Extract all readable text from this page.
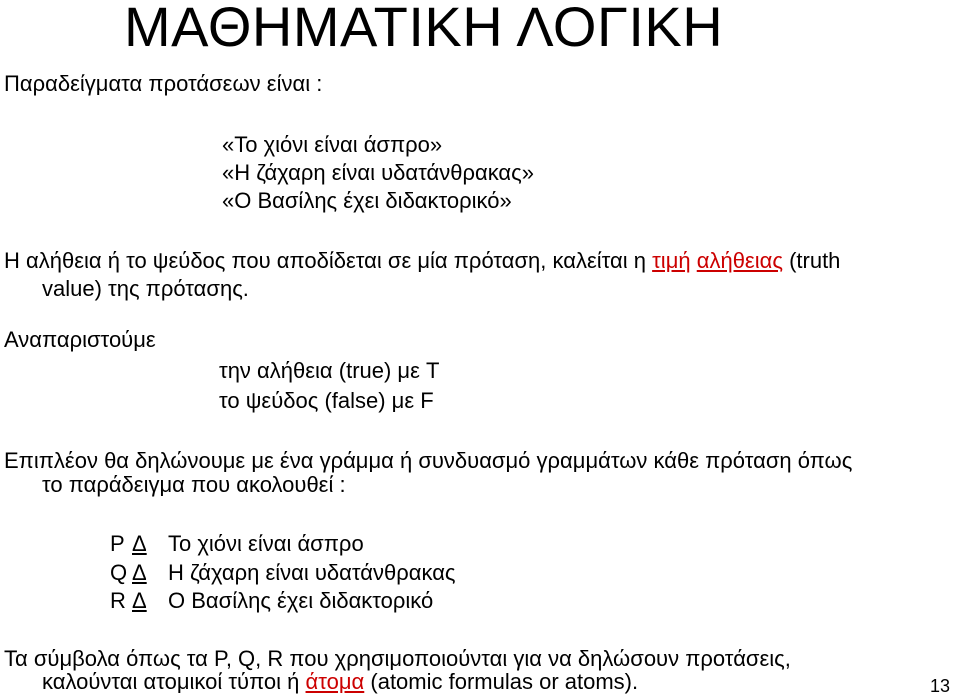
ΜΑΘΗΜΑΤΙΚΗ ΛΟΓΙΚΗ
Παραδείγματα προτάσεων είναι :
«Το χιόνι είναι άσπρο»
«Η ζάχαρη είναι υδατάνθρακας»
«Ο Βασίλης έχει διδακτορικό»
Η αλήθεια ή το ψεύδος που αποδίδεται σε μία πρόταση, καλείται η τιμή αλήθειας (truth
value) της πρότασης.
Αναπαριστούμε
την αλήθεια (true) με T
το ψεύδος (false) με F
Επιπλέον θα δηλώνουμε με ένα γράμμα ή συνδυασμό γραμμάτων κάθε πρόταση όπως
το παράδειγμα που ακολουθεί :
P Δ Το χιόνι είναι άσπρο
Q Δ Η ζάχαρη είναι υδατάνθρακας
R Δ Ο Βασίλης έχει διδακτορικό
Τα σύμβολα όπως τα P, Q, R που χρησιμοποιούνται για να δηλώσουν προτάσεις,
καλούνται ατομικοί τύποι ή άτομα (atomic formulas or atoms).	13
